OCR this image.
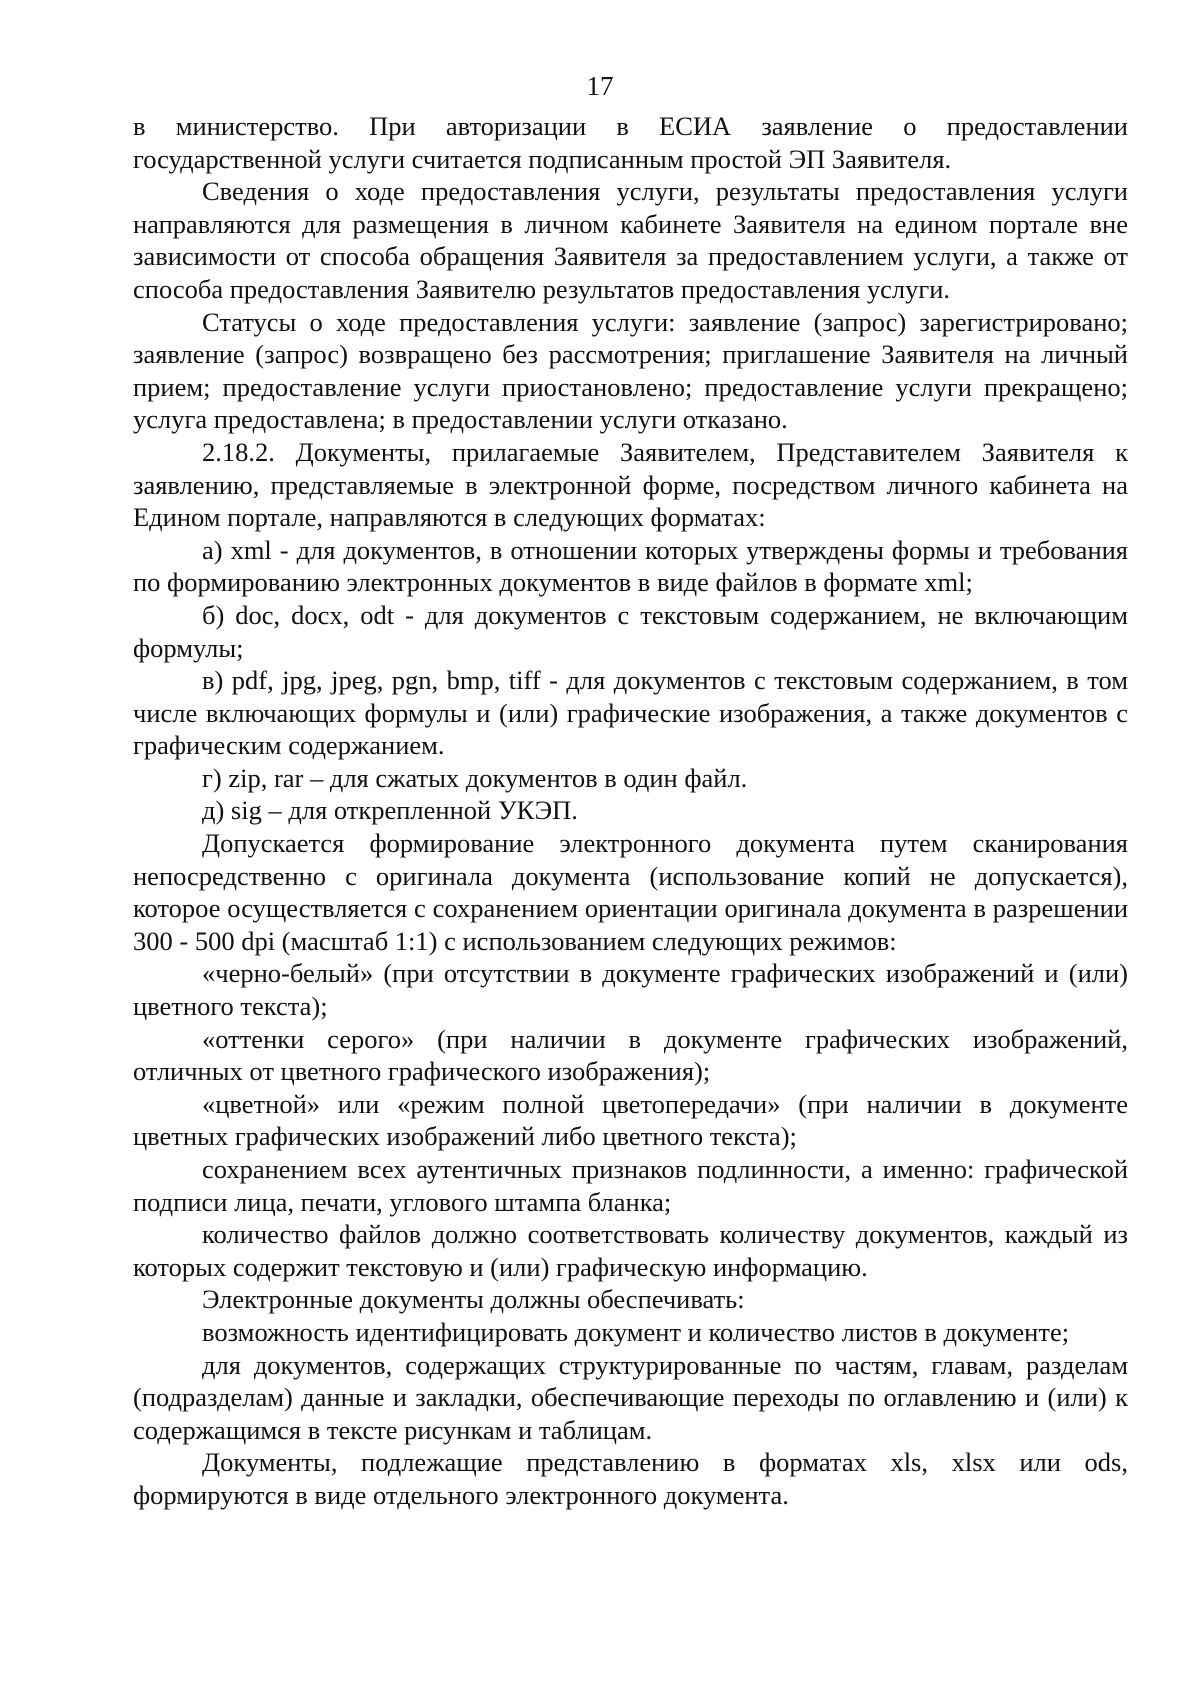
17

в министерство. При авторизации в ЕСИА заявление о предоставлении государственной услуги считается подписанным простой ЭП Заявителя.

Сведения о ходе предоставления услуги, результаты предоставления услуги направляются для размещения в личном кабинете Заявителя на едином портале вне зависимости от способа обращения Заявителя за предоставлением услуги, а также от способа предоставления Заявителю результатов предоставления услуги.

Статусы о ходе предоставления услуги: заявление (запрос) зарегистрировано; заявление (запрос) возвращено без рассмотрения; приглашение Заявителя на личный прием; предоставление услуги приостановлено; предоставление услуги прекращено; услуга предоставлена; в предоставлении услуги отказано.

2.18.2. Документы, прилагаемые Заявителем, Представителем Заявителя к заявлению, представляемые в электронной форме, посредством личного кабинета на Едином портале, направляются в следующих форматах:

а) xml - для документов, в отношении которых утверждены формы и требования по формированию электронных документов в виде файлов в формате xml;

б) doc, docx, odt - для документов с текстовым содержанием, не включающим формулы;

в) pdf, jpg, jpeg, pgn, bmp, tiff - для документов с текстовым содержанием, в том числе включающих формулы и (или) графические изображения, а также документов с графическим содержанием.

г) zip, rar – для сжатых документов в один файл.

д) sig – для открепленной УКЭП.

Допускается формирование электронного документа путем сканирования непосредственно с оригинала документа (использование копий не допускается), которое осуществляется с сохранением ориентации оригинала документа в разрешении 300 - 500 dpi (масштаб 1:1) с использованием следующих режимов:

«черно-белый» (при отсутствии в документе графических изображений и (или) цветного текста);

«оттенки серого» (при наличии в документе графических изображений, отличных от цветного графического изображения);

«цветной» или «режим полной цветопередачи» (при наличии в документе цветных графических изображений либо цветного текста);

сохранением всех аутентичных признаков подлинности, а именно: графической подписи лица, печати, углового штампа бланка;

количество файлов должно соответствовать количеству документов, каждый из которых содержит текстовую и (или) графическую информацию.

Электронные документы должны обеспечивать:

возможность идентифицировать документ и количество листов в документе;

для документов, содержащих структурированные по частям, главам, разделам (подразделам) данные и закладки, обеспечивающие переходы по оглавлению и (или) к содержащимся в тексте рисункам и таблицам.

Документы, подлежащие представлению в форматах xls, xlsx или ods, формируются в виде отдельного электронного документа.
